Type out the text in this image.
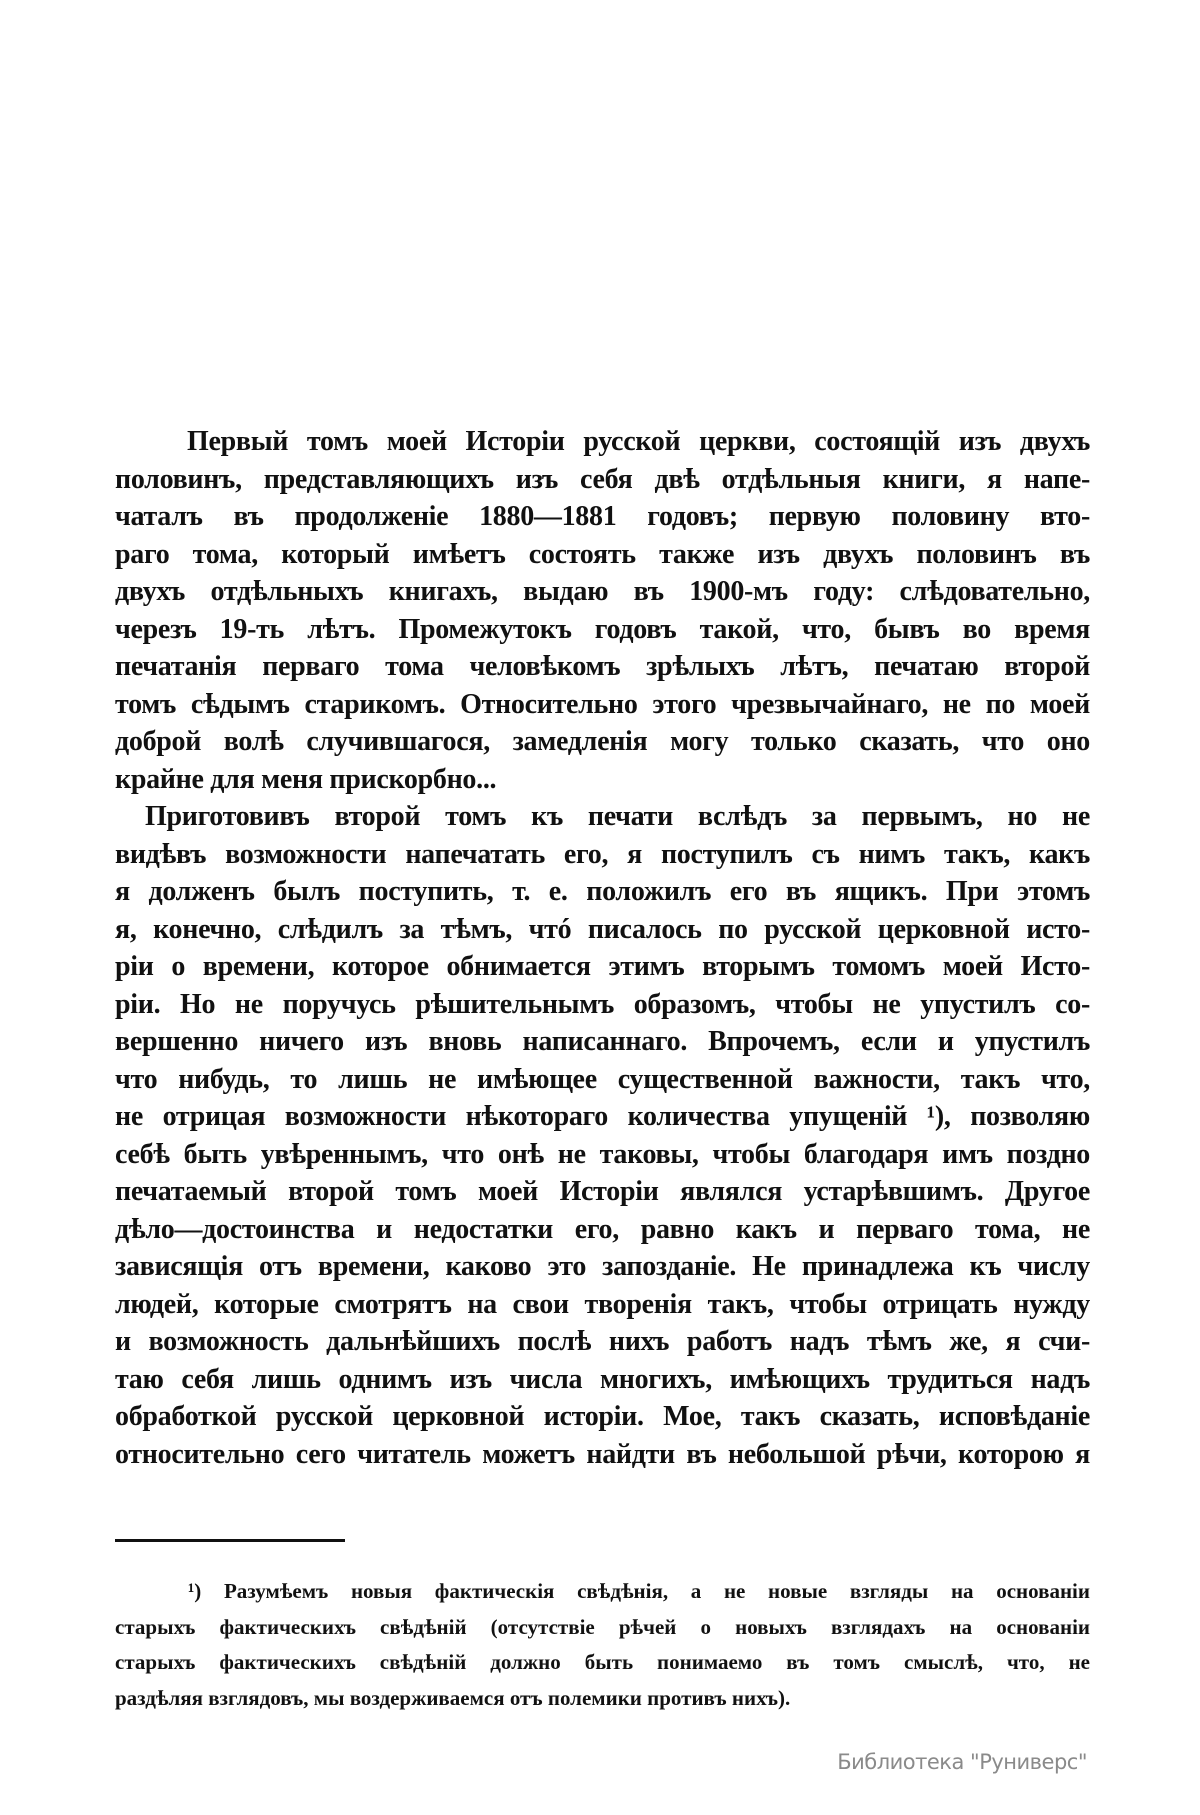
Первый томъ моей Исторіи русской церкви, состоящій изъ двухъ
половинъ, представляющихъ изъ себя двѣ отдѣльныя книги, я напе-
чаталъ въ продолженіе 1880—1881 годовъ; первую половину вто-
раго тома, который имѣетъ состоять также изъ двухъ половинъ въ
двухъ отдѣльныхъ книгахъ, выдаю въ 1900-мъ году: слѣдовательно,
черезъ 19-ть лѣтъ. Промежутокъ годовъ такой, что, бывъ во время
печатанія перваго тома человѣкомъ зрѣлыхъ лѣтъ, печатаю второй
томъ сѣдымъ старикомъ. Относительно этого чрезвычайнаго, не по моей
доброй волѣ случившагося, замедленія могу только сказать, что оно
крайне для меня прискорбно...
Приготовивъ второй томъ къ печати вслѣдъ за первымъ, но не
видѣвъ возможности напечатать его, я поступилъ съ нимъ такъ, какъ
я долженъ былъ поступить, т. е. положилъ его въ ящикъ. При этомъ
я, конечно, слѣдилъ за тѣмъ, чтó писалось по русской церковной исто-
ріи о времени, которое обнимается этимъ вторымъ томомъ моей Исто-
ріи. Но не поручусь рѣшительнымъ образомъ, чтобы не упустилъ со-
вершенно ничего изъ вновь написаннаго. Впрочемъ, если и упустилъ
что нибудь, то лишь не имѣющее существенной важности, такъ что,
не отрицая возможности нѣкотораго количества упущеній ¹), позволяю
себѣ быть увѣреннымъ, что онѣ не таковы, чтобы благодаря имъ поздно
печатаемый второй томъ моей Исторіи являлся устарѣвшимъ. Другое
дѣло—достоинства и недостатки его, равно какъ и перваго тома, не
зависящія отъ времени, каково это запозданіе. Не принадлежа къ числу
людей, которые смотрятъ на свои творенія такъ, чтобы отрицать нужду
и возможность дальнѣйшихъ послѣ нихъ работъ надъ тѣмъ же, я счи-
таю себя лишь однимъ изъ числа многихъ, имѣющихъ трудиться надъ
обработкой русской церковной исторіи. Мое, такъ сказать, исповѣданіе
относительно сего читатель можетъ найдти въ небольшой рѣчи, которою я
¹) Разумѣемъ новыя фактическія свѣдѣнія, а не новые взгляды на основаніи
старыхъ фактическихъ свѣдѣній (отсутствіе рѣчей о новыхъ взглядахъ на основаніи
старыхъ фактическихъ свѣдѣній должно быть понимаемо въ томъ смыслѣ, что, не
раздѣляя взглядовъ, мы воздерживаемся отъ полемики противъ нихъ).
Библиотека "Руниверс"
